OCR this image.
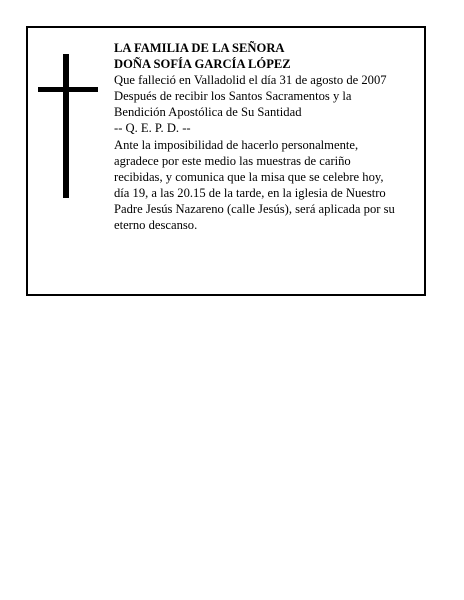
LA FAMILIA DE LA SEÑORA
DOÑA SOFÍA GARCÍA LÓPEZ
Que falleció en Valladolid el día 31 de agosto de 2007
Después de recibir los Santos Sacramentos y la
Bendición Apostólica de Su Santidad
-- Q. E. P. D. --
Ante la imposibilidad de hacerlo personalmente,
agradece por este medio las muestras de cariño
recibidas, y comunica que la misa que se celebre hoy,
día 19, a las 20.15 de la tarde, en la iglesia de Nuestro
Padre Jesús Nazareno (calle Jesús), será aplicada por su
eterno descanso.
